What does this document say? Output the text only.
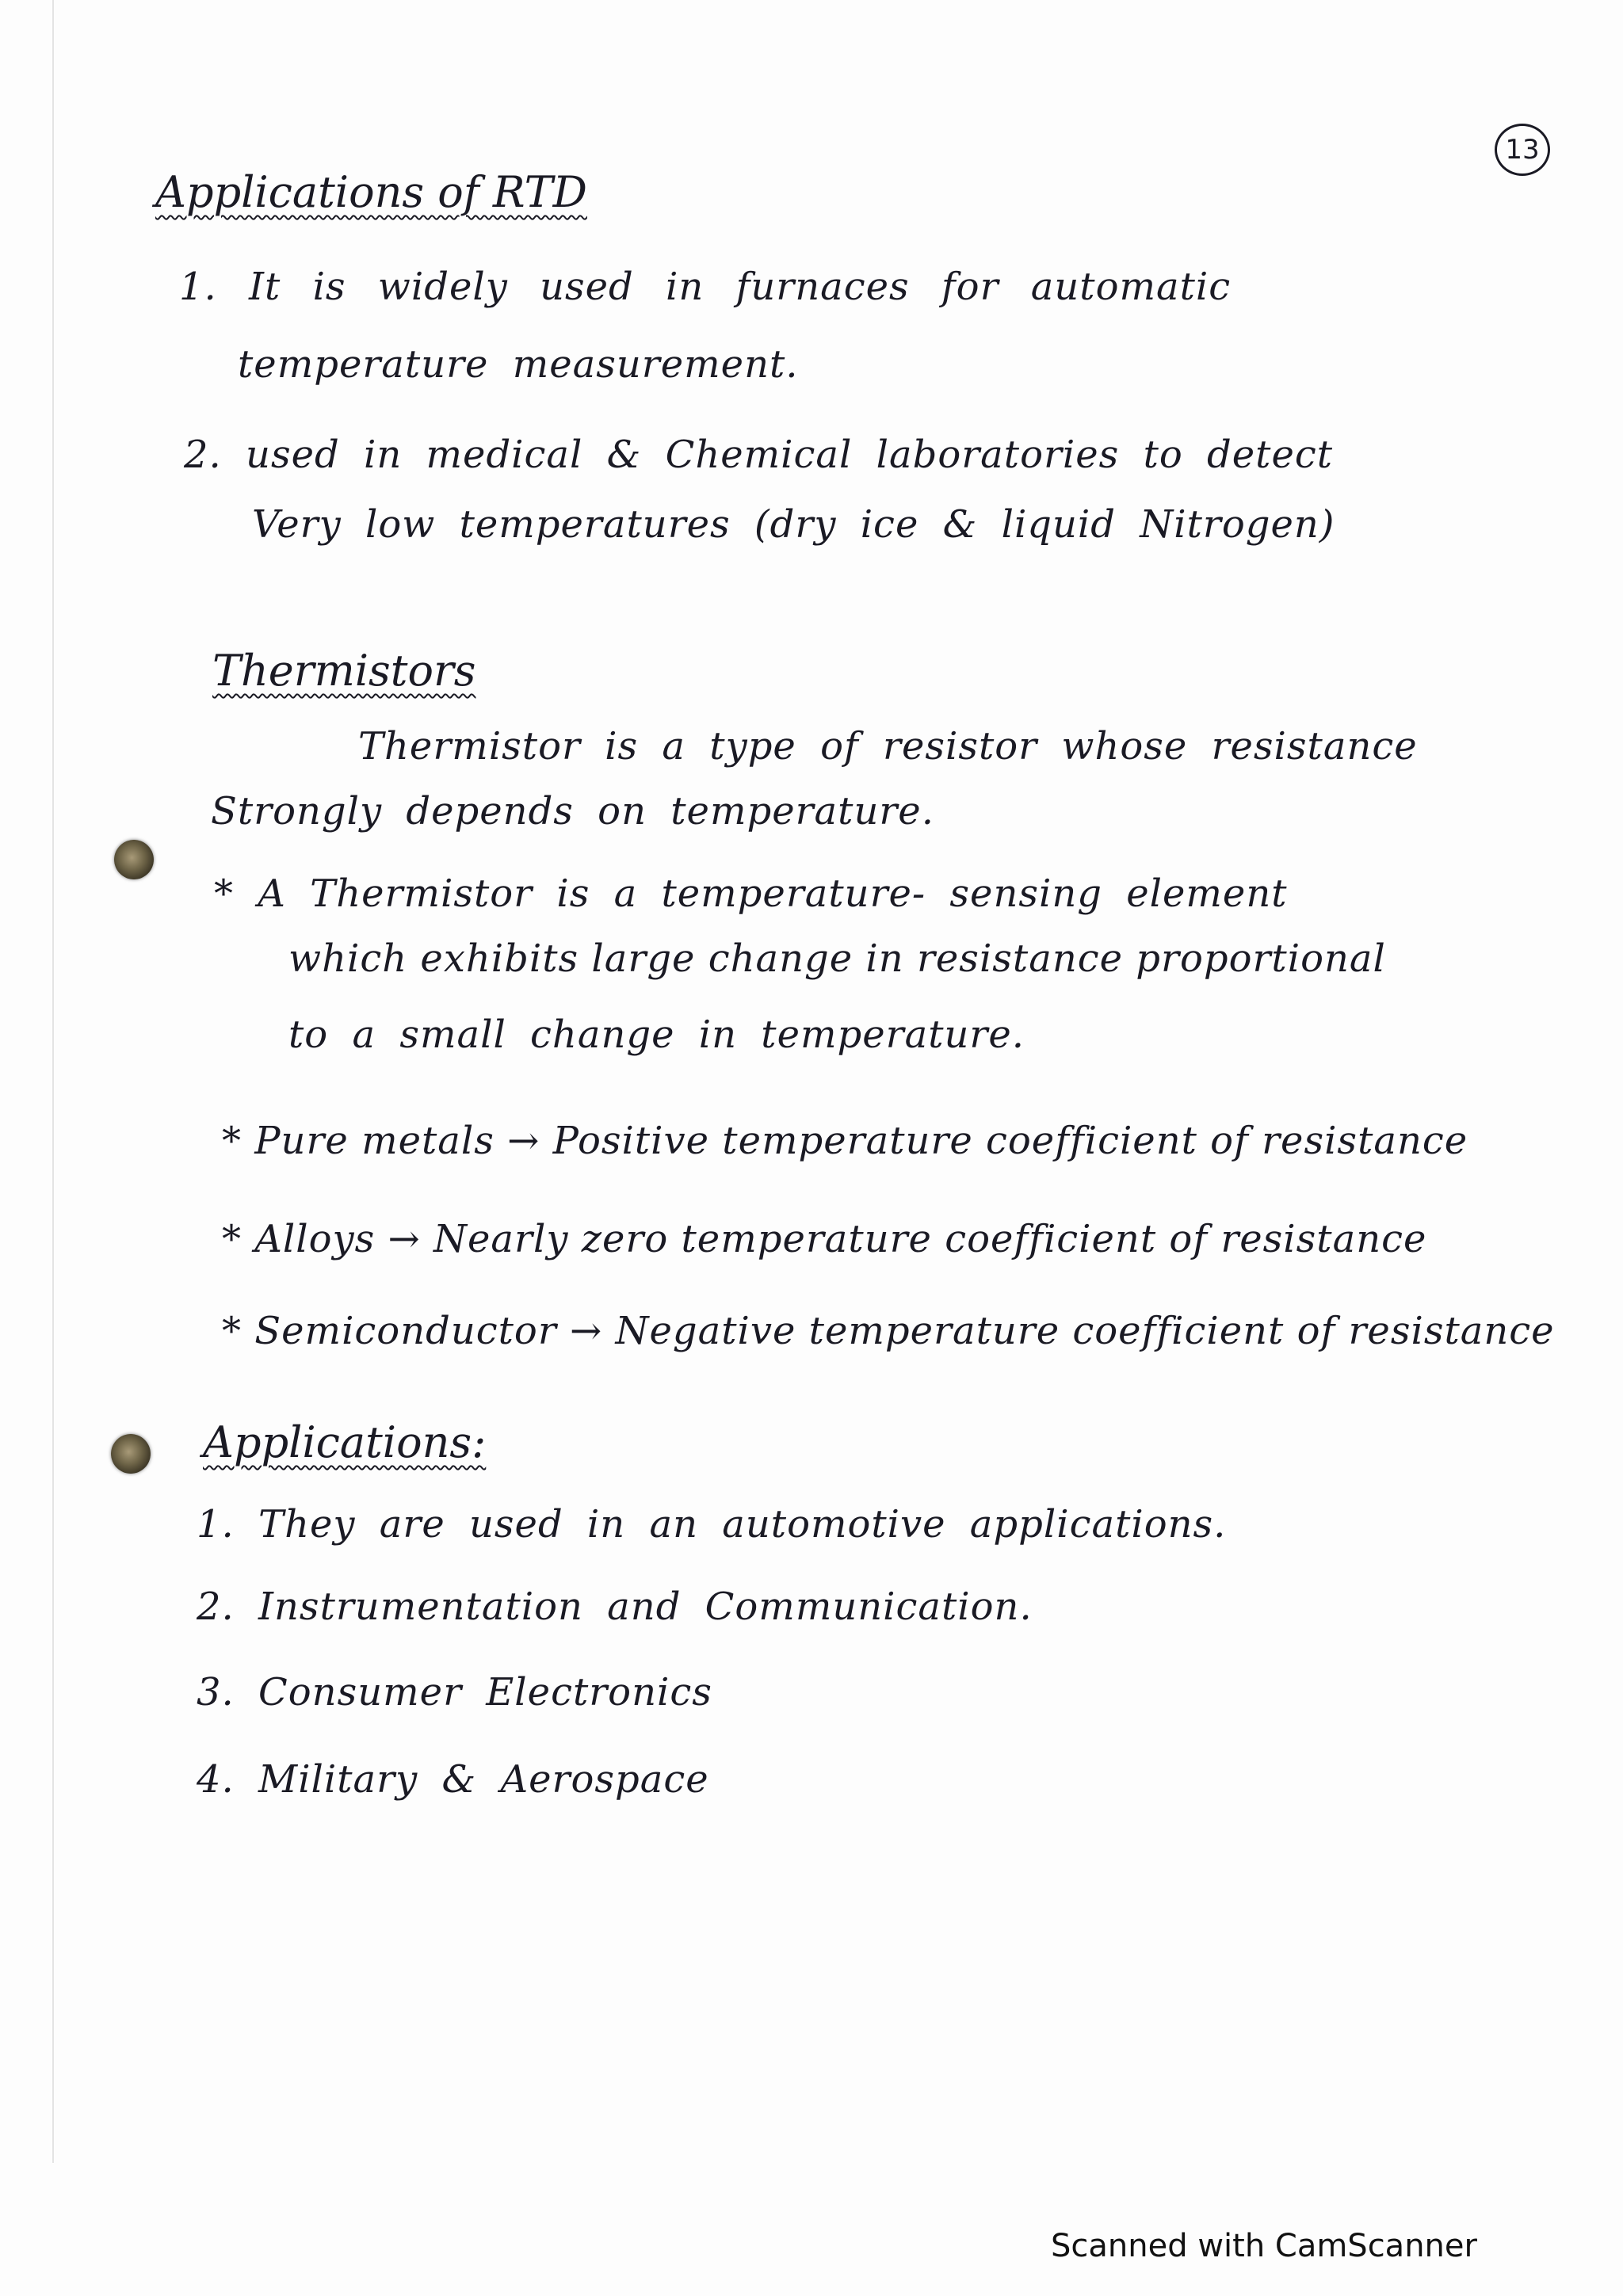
13
Applications of RTD
1. It is widely used in furnaces for automatic
temperature measurement.
2. used in medical & Chemical laboratories to detect
Very low temperatures (dry ice & liquid Nitrogen)
Thermistors
Thermistor is a type of resistor whose resistance
Strongly depends on temperature.
* A Thermistor is a temperature- sensing element
which exhibits large change in resistance proportional
to a small change in temperature.
* Pure metals → Positive temperature coefficient of resistance
* Alloys → Nearly zero temperature coefficient of resistance
* Semiconductor → Negative temperature coefficient of resistance
Applications:
1. They are used in an automotive applications.
2. Instrumentation and Communication.
3. Consumer Electronics
4. Military & Aerospace
Scanned with CamScanner
